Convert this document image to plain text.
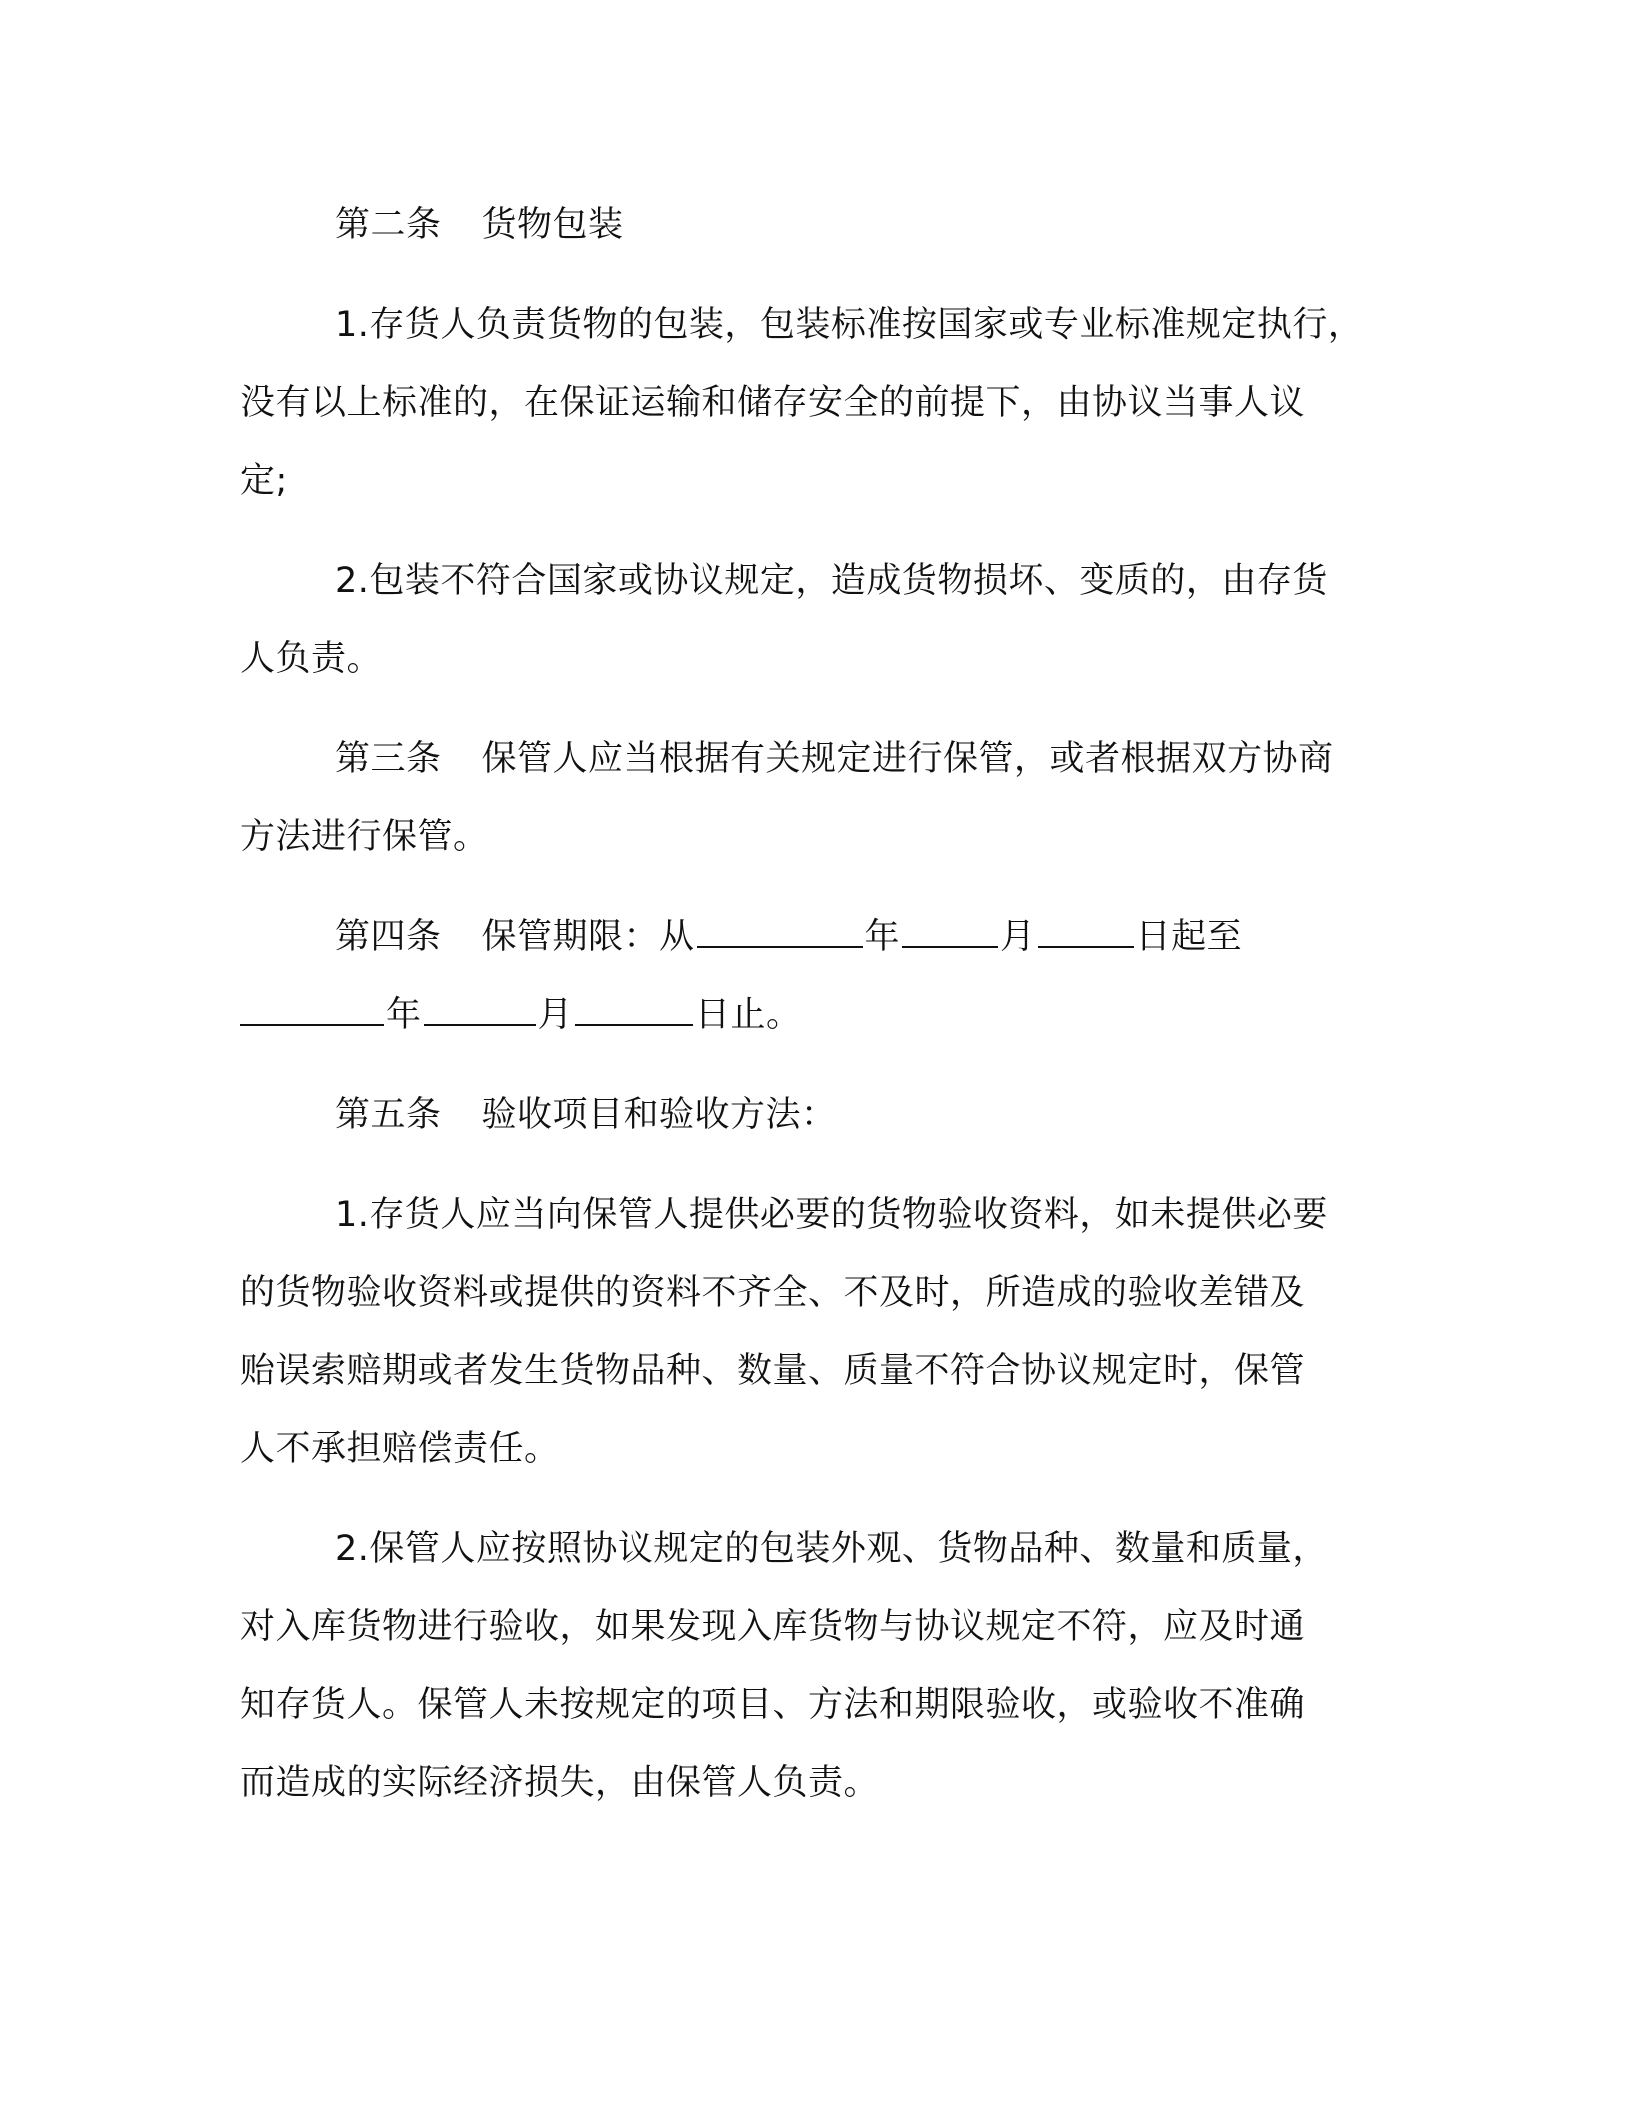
第二条 货物包装
1.存货人负责货物的包装，包装标准按国家或专业标准规定执行，
没有以上标准的，在保证运输和储存安全的前提下，由协议当事人议
定;
2.包装不符合国家或协议规定，造成货物损坏、变质的，由存货
人负责。
第三条 保管人应当根据有关规定进行保管，或者根据双方协商
方法进行保管。
第四条 保管期限：从	年	月	日起至
年	月	日止。
第五条 验收项目和验收方法：
1.存货人应当向保管人提供必要的货物验收资料，如未提供必要
的货物验收资料或提供的资料不齐全、不及时，所造成的验收差错及
贻误索赔期或者发生货物品种、数量、质量不符合协议规定时，保管
人不承担赔偿责任。
2.保管人应按照协议规定的包装外观、货物品种、数量和质量，
对入库货物进行验收，如果发现入库货物与协议规定不符，应及时通
知存货人。保管人未按规定的项目、方法和期限验收，或验收不准确
而造成的实际经济损失，由保管人负责。
